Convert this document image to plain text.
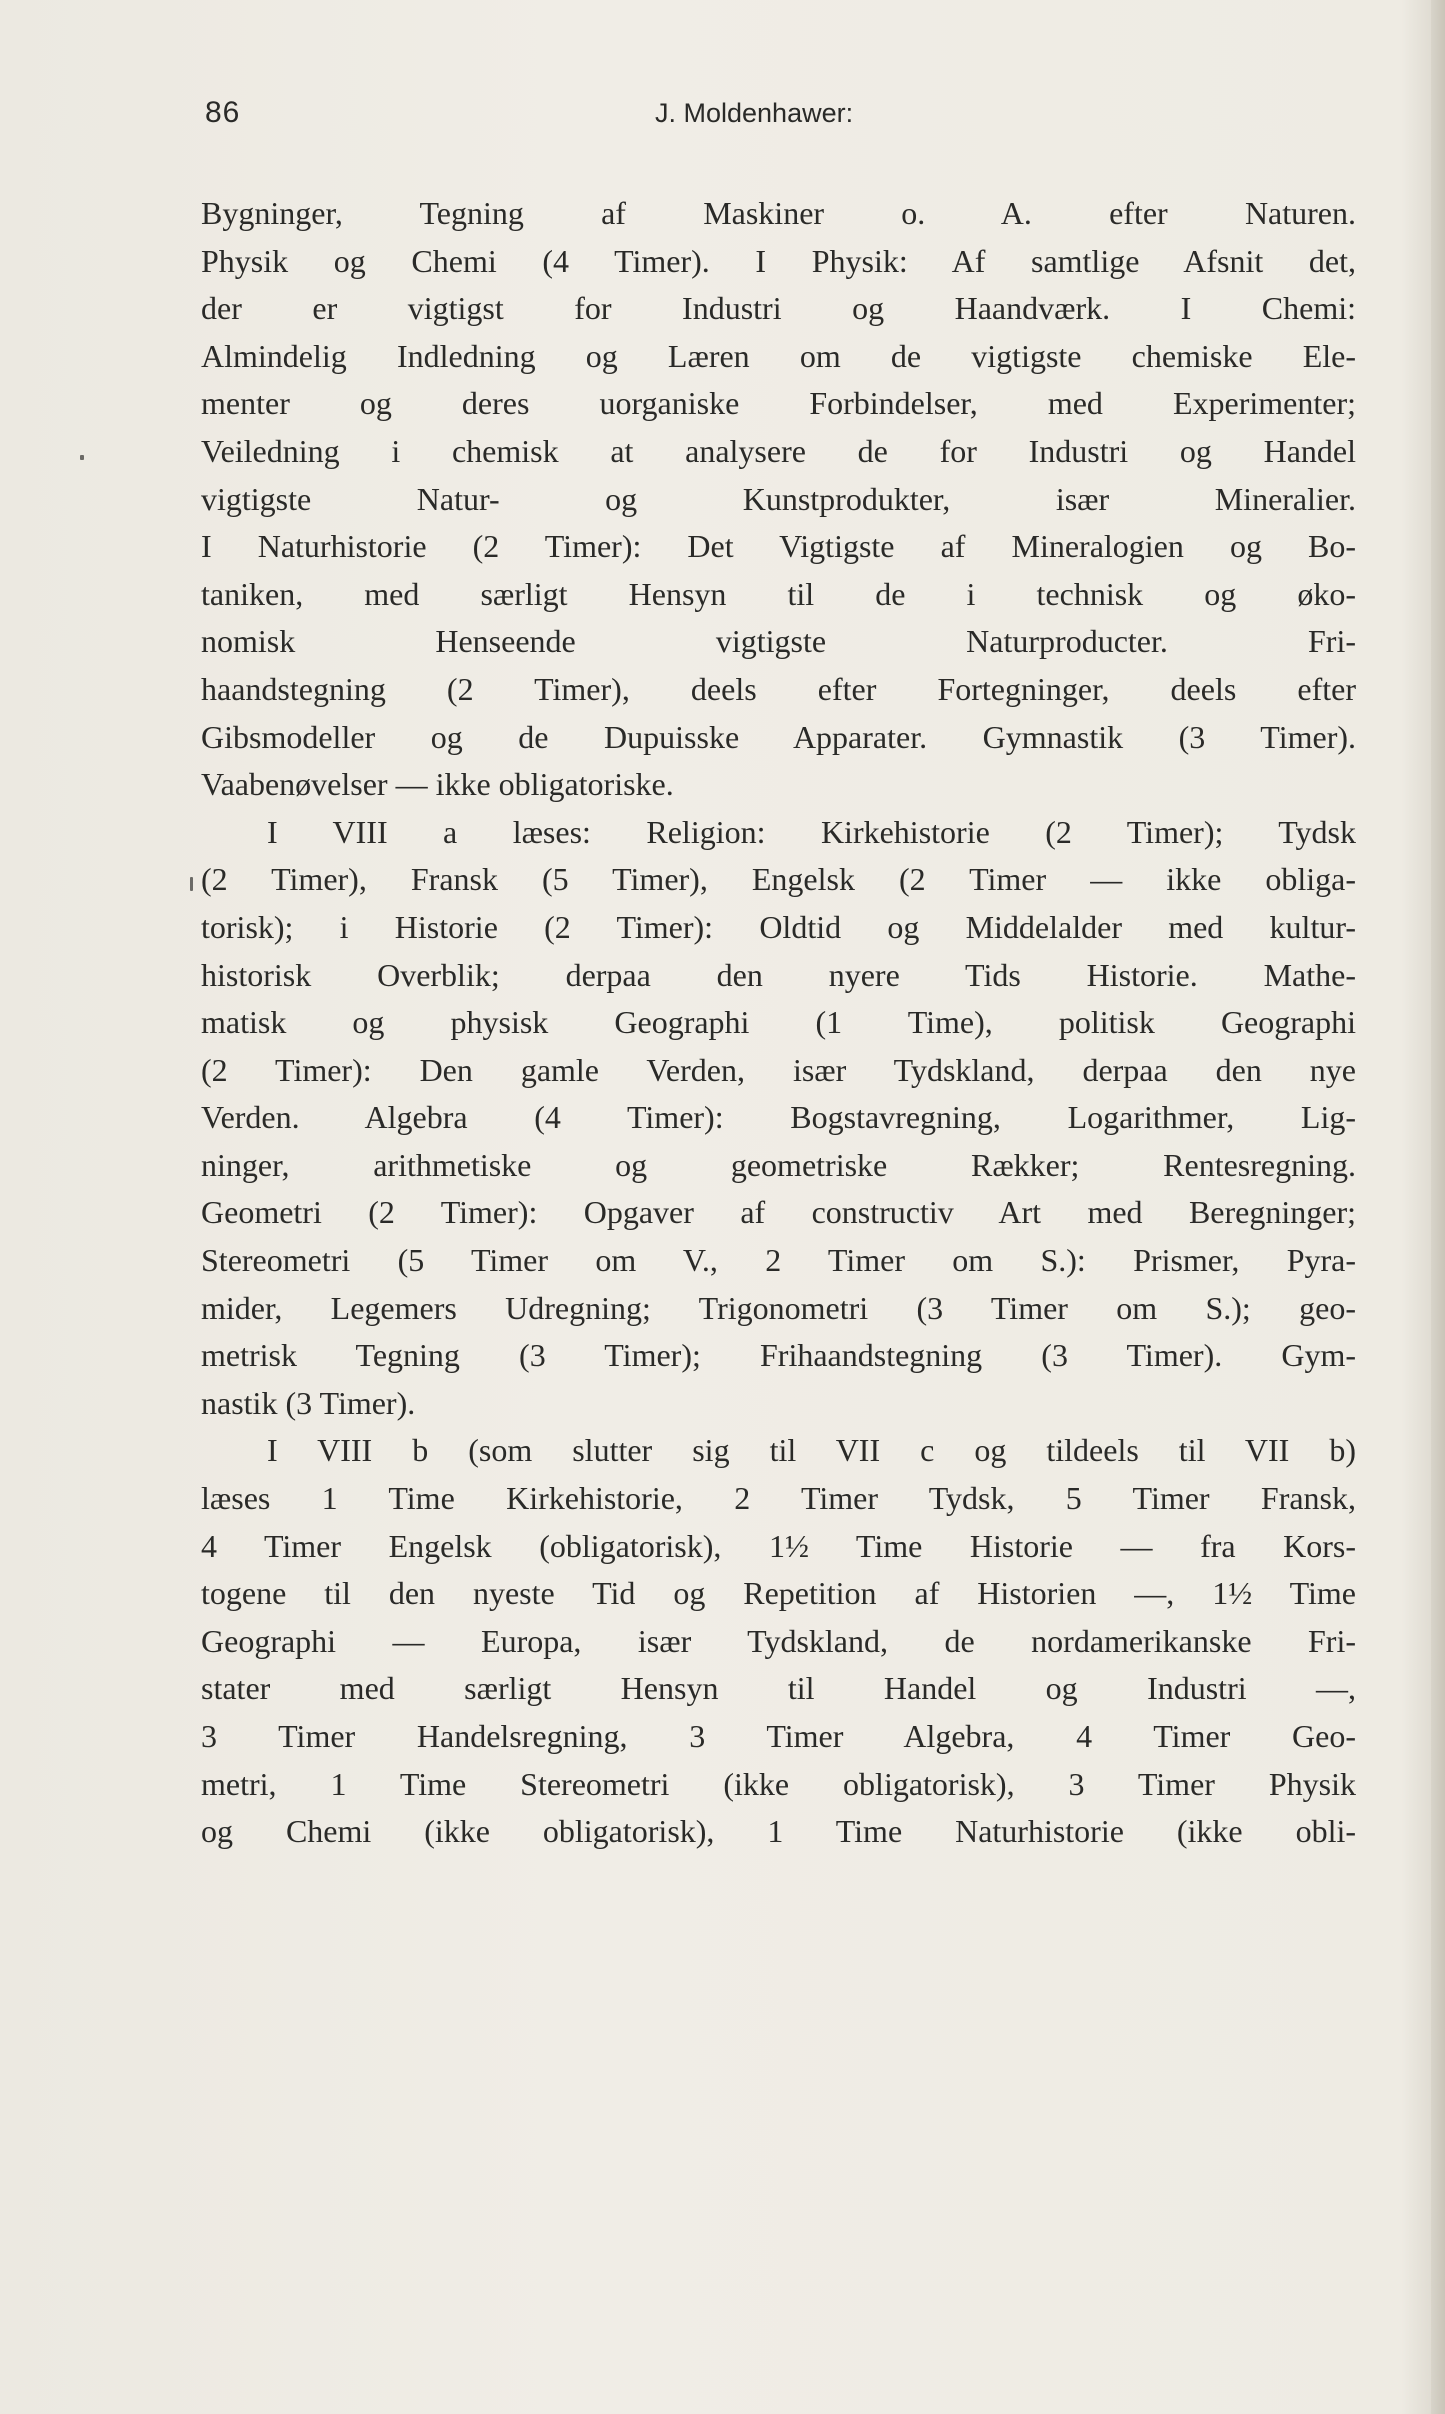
86	J. Moldenhawer:
Bygninger, Tegning af Maskiner o. A. efter Naturen.
Physik og Chemi (4 Timer). I Physik: Af samtlige Afsnit det,
der er vigtigst for Industri og Haandværk. I Chemi:
Almindelig Indledning og Læren om de vigtigste chemiske Ele-
menter og deres uorganiske Forbindelser, med Experimenter;
Veiledning i chemisk at analysere de for Industri og Handel
vigtigste Natur- og Kunstprodukter, især Mineralier.
I Naturhistorie (2 Timer): Det Vigtigste af Mineralogien og Bo-
taniken, med særligt Hensyn til de i technisk og øko-
nomisk Henseende vigtigste Naturproducter. Fri-
haandstegning (2 Timer), deels efter Fortegninger, deels efter
Gibsmodeller og de Dupuisske Apparater. Gymnastik (3 Timer).
Vaabenøvelser — ikke obligatoriske.
I VIII a læses: Religion: Kirkehistorie (2 Timer); Tydsk
(2 Timer), Fransk (5 Timer), Engelsk (2 Timer — ikke obliga-
torisk); i Historie (2 Timer): Oldtid og Middelalder med kultur-
historisk Overblik; derpaa den nyere Tids Historie. Mathe-
matisk og physisk Geographi (1 Time), politisk Geographi
(2 Timer): Den gamle Verden, især Tydskland, derpaa den nye
Verden. Algebra (4 Timer): Bogstavregning, Logarithmer, Lig-
ninger, arithmetiske og geometriske Rækker; Rentesregning.
Geometri (2 Timer): Opgaver af constructiv Art med Beregninger;
Stereometri (5 Timer om V., 2 Timer om S.): Prismer, Pyra-
mider, Legemers Udregning; Trigonometri (3 Timer om S.); geo-
metrisk Tegning (3 Timer); Frihaandstegning (3 Timer). Gym-
nastik (3 Timer).
I VIII b (som slutter sig til VII c og tildeels til VII b)
læses 1 Time Kirkehistorie, 2 Timer Tydsk, 5 Timer Fransk,
4 Timer Engelsk (obligatorisk), 1½ Time Historie — fra Kors-
togene til den nyeste Tid og Repetition af Historien —, 1½ Time
Geographi — Europa, især Tydskland, de nordamerikanske Fri-
stater med særligt Hensyn til Handel og Industri —,
3 Timer Handelsregning, 3 Timer Algebra, 4 Timer Geo-
metri, 1 Time Stereometri (ikke obligatorisk), 3 Timer Physik
og Chemi (ikke obligatorisk), 1 Time Naturhistorie (ikke obli-
